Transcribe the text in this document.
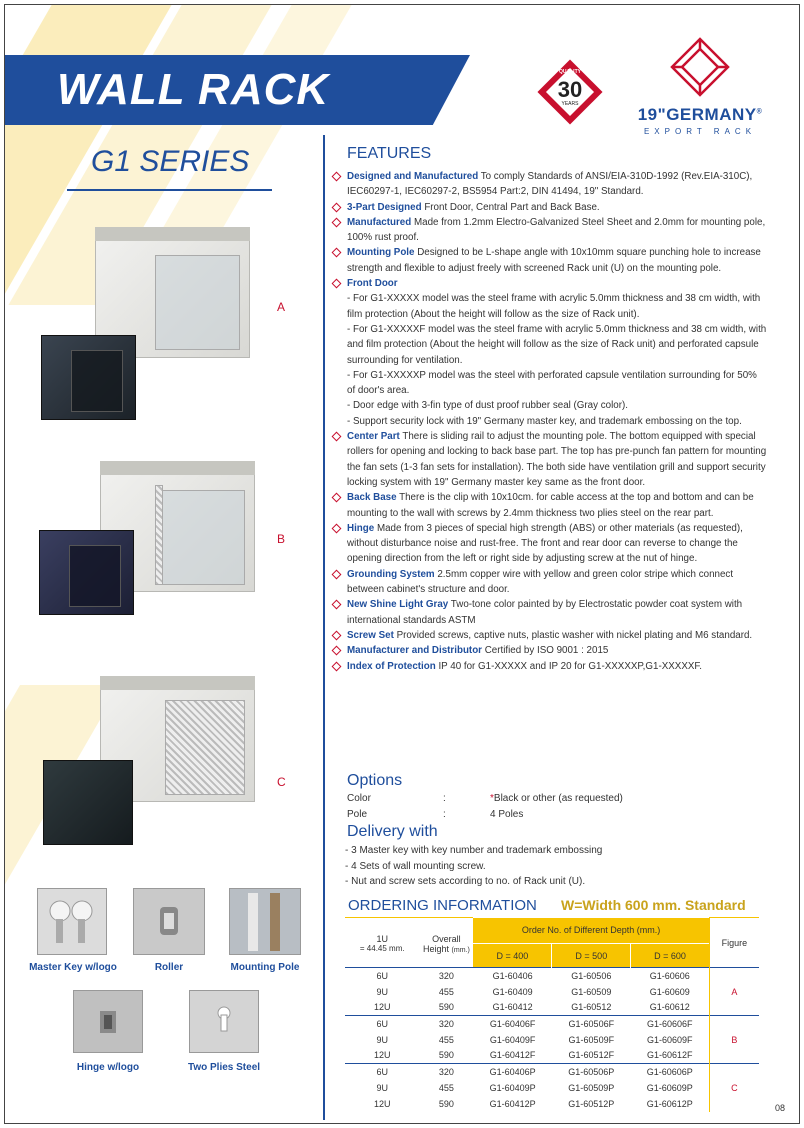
WALL RACK
G1 SERIES
30
QUALITY
YEARS
19"GERMANY®
EXPORT RACK
A
B
C
Master Key w/logo	Roller	Mounting Pole
Hinge w/logo	Two Plies Steel
FEATURES
Designed and Manufactured To comply Standards of ANSI/EIA-310D-1992 (Rev.EIA-310C), IEC60297-1, IEC60297-2, BS5954 Part:2, DIN 41494, 19" Standard.
3-Part Designed Front Door, Central Part and Back Base.
Manufactured Made from 1.2mm Electro-Galvanized Steel Sheet and 2.0mm for mounting pole, 100% rust proof.
Mounting Pole Designed to be L-shape angle with 10x10mm square punching hole to increase strength and flexible to adjust freely with screened Rack unit (U) on the mounting pole.
Front Door
- For G1-XXXXX model was the steel frame with acrylic 5.0mm thickness and 38 cm width, with film protection (About the height will follow as the size of Rack unit).
- For G1-XXXXXF model was the steel frame with acrylic 5.0mm thickness and 38 cm width, with and film protection (About the height will follow as the size of Rack unit) and perforated capsule surrounding for ventilation.
- For G1-XXXXXP model was the steel with perforated capsule ventilation surrounding for 50% of door's area.
- Door edge with 3-fin type of dust proof rubber seal (Gray color).
- Support security lock with 19" Germany master key, and trademark embossing on the top.
Center Part There is sliding rail to adjust the mounting pole. The bottom equipped with special rollers for opening and locking to back base part. The top has pre-punch fan pattern for mounting the fan sets (1-3 fan sets for installation). The both side have ventilation grill and support security locking system with 19" Germany master key same as the front door.
Back Base There is the clip with 10x10cm. for cable access at the top and bottom and can be mounting to the wall with screws by 2.4mm thickness two plies steel on the rear part.
Hinge Made from 3 pieces of special high strength (ABS) or other materials (as requested), without disturbance noise and rust-free. The front and rear door can reverse to change the opening direction from the left or right side by adjusting screw at the nut of hinge.
Grounding System 2.5mm copper wire with yellow and green color stripe which connect between cabinet's structure and door.
New Shine Light Gray Two-tone color painted by by Electrostatic powder coat system with international standards ASTM
Screw Set Provided screws, captive nuts, plastic washer with nickel plating and M6 standard.
Manufacturer and Distributor Certified by ISO 9001 : 2015
Index of Protection IP 40 for G1-XXXXX and IP 20 for G1-XXXXXP,G1-XXXXXF.
Options
Color	:	*Black or other (as requested)
Pole	:	4 Poles
Delivery with
- 3 Master key with key number and trademark embossing
- 4 Sets of wall mounting screw.
- Nut and screw sets according to no. of Rack unit (U).
ORDERING INFORMATION W=Width 600 mm. Standard
1U	Overall	Order No. of Different Depth (mm.)			Figure
= 44.45 mm.	Height (mm.)	D = 400	D = 500	D = 600	
6U	320	G1-60406	G1-60506	G1-60606	A
9U	455	G1-60409	G1-60509	G1-60609	
12U	590	G1-60412	G1-60512	G1-60612	
6U	320	G1-60406F	G1-60506F	G1-60606F	B
9U	455	G1-60409F	G1-60509F	G1-60609F	
12U	590	G1-60412F	G1-60512F	G1-60612F	
6U	320	G1-60406P	G1-60506P	G1-60606P	C
9U	455	G1-60409P	G1-60509P	G1-60609P	
12U	590	G1-60412P	G1-60512P	G1-60612P		08
